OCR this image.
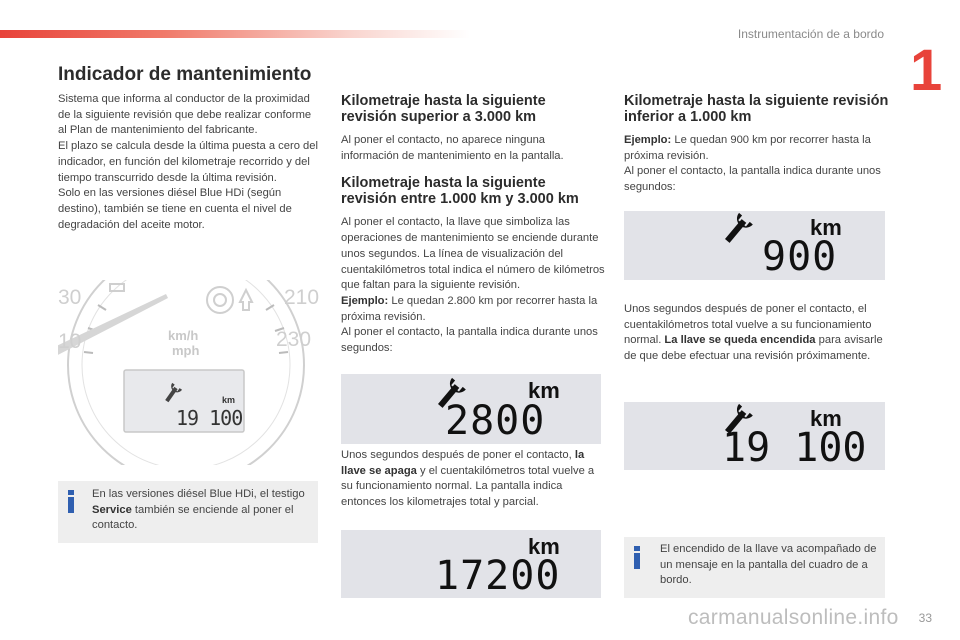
Instrumentación de a bordo
1
Indicador de mantenimiento
Sistema que informa al conductor de la proximidad de la siguiente revisión que debe realizar conforme al Plan de mantenimiento del fabricante.
El plazo se calcula desde la última puesta a cero del indicador, en función del kilometraje recorrido y del tiempo transcurrido desde la última revisión.
Solo en las versiones diésel Blue HDi (según destino), también se tiene en cuenta el nivel de degradación del aceite motor.
30
10
210
230
km/h
mph
km
19 100
En las versiones diésel Blue HDi, el testigo Service también se enciende al poner el contacto.
Kilometraje hasta la siguiente revisión superior a 3.000 km
Al poner el contacto, no aparece ninguna información de mantenimiento en la pantalla.
Kilometraje hasta la siguiente revisión entre 1.000 km y 3.000 km
Al poner el contacto, la llave que simboliza las operaciones de mantenimiento se enciende durante unos segundos. La línea de visualización del cuentakilómetros total indica el número de kilómetros que faltan para la siguiente revisión.
Ejemplo: Le quedan 2.800 km por recorrer hasta la próxima revisión.
Al poner el contacto, la pantalla indica durante unos segundos:
km
2800
Unos segundos después de poner el contacto, la llave se apaga y el cuentakilómetros total vuelve a su funcionamiento normal. La pantalla indica entonces los kilometrajes total y parcial.
km
17200
Kilometraje hasta la siguiente revisión inferior a 1.000 km
Ejemplo: Le quedan 900 km por recorrer hasta la próxima revisión.
Al poner el contacto, la pantalla indica durante unos segundos:
km
900
Unos segundos después de poner el contacto, el cuentakilómetros total vuelve a su funcionamiento normal. La llave se queda encendida para avisarle de que debe efectuar una revisión próximamente.
km
19 100
El encendido de la llave va acompañado de un mensaje en la pantalla del cuadro de a bordo.
carmanualsonline.info 33
